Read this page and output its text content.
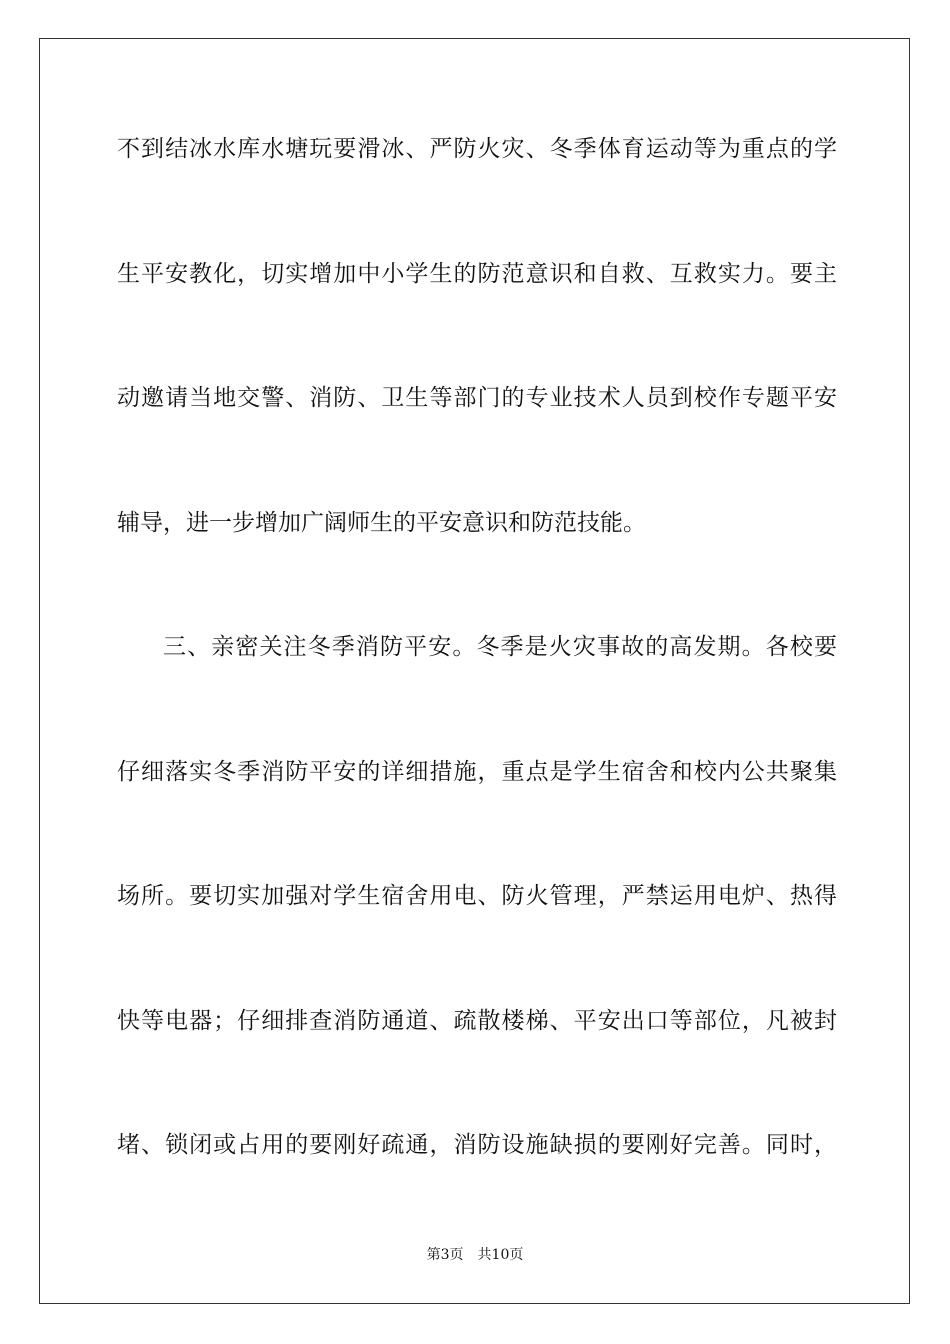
不到结冰水库水塘玩要滑冰、严防火灾、冬季体育运动等为重点的学
生平安教化，切实增加中小学生的防范意识和自救、互救实力。要主
动邀请当地交警、消防、卫生等部门的专业技术人员到校作专题平安
辅导，进一步增加广阔师生的平安意识和防范技能。
三、亲密关注冬季消防平安。冬季是火灾事故的高发期。各校要
仔细落实冬季消防平安的详细措施，重点是学生宿舍和校内公共聚集
场所。要切实加强对学生宿舍用电、防火管理，严禁运用电炉、热得
快等电器；仔细排查消防通道、疏散楼梯、平安出口等部位，凡被封
堵、锁闭或占用的要刚好疏通，消防设施缺损的要刚好完善。同时，
第3页　共10页
